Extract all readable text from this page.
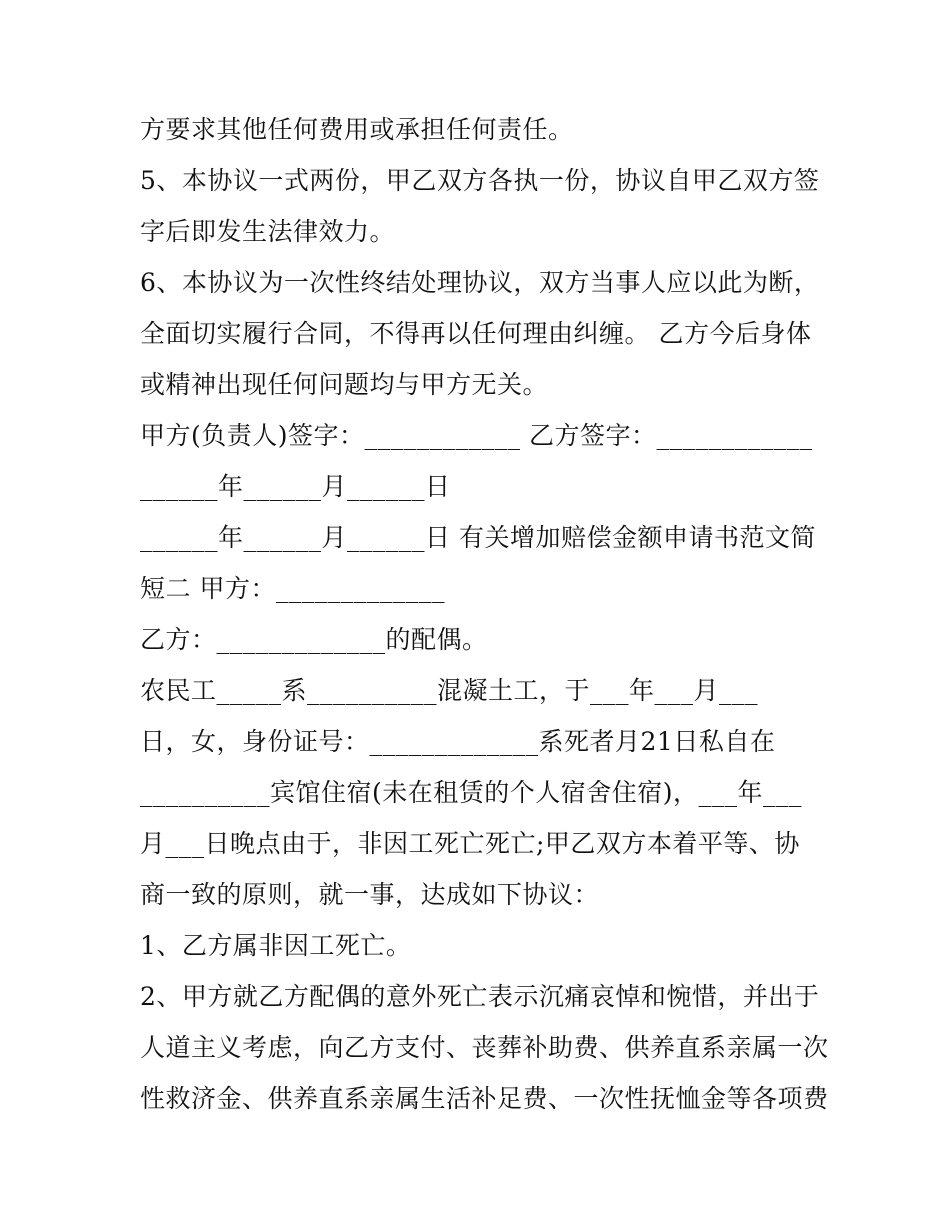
方要求其他任何费用或承担任何责任。
5、本协议一式两份，甲乙双方各执一份，协议自甲乙双方签
字后即发生法律效力。
6、本协议为一次性终结处理协议，双方当事人应以此为断，
全面切实履行合同，不得再以任何理由纠缠。 乙方今后身体
或精神出现任何问题均与甲方无关。
甲方(负责人)签字：____________ 乙方签字：____________
______年______月______日
______年______月______日 有关增加赔偿金额申请书范文简
短二 甲方：_____________
乙方：_____________的配偶。
农民工_____系__________混凝土工，于___年___月___
日，女，身份证号：_____________系死者月21日私自在
__________宾馆住宿(未在租赁的个人宿舍住宿)，___年___
月___日晚点由于，非因工死亡死亡;甲乙双方本着平等、协
商一致的原则，就一事，达成如下协议：
1、乙方属非因工死亡。
2、甲方就乙方配偶的意外死亡表示沉痛哀悼和惋惜，并出于
人道主义考虑，向乙方支付、丧葬补助费、供养直系亲属一次
性救济金、供养直系亲属生活补足费、一次性抚恤金等各项费
